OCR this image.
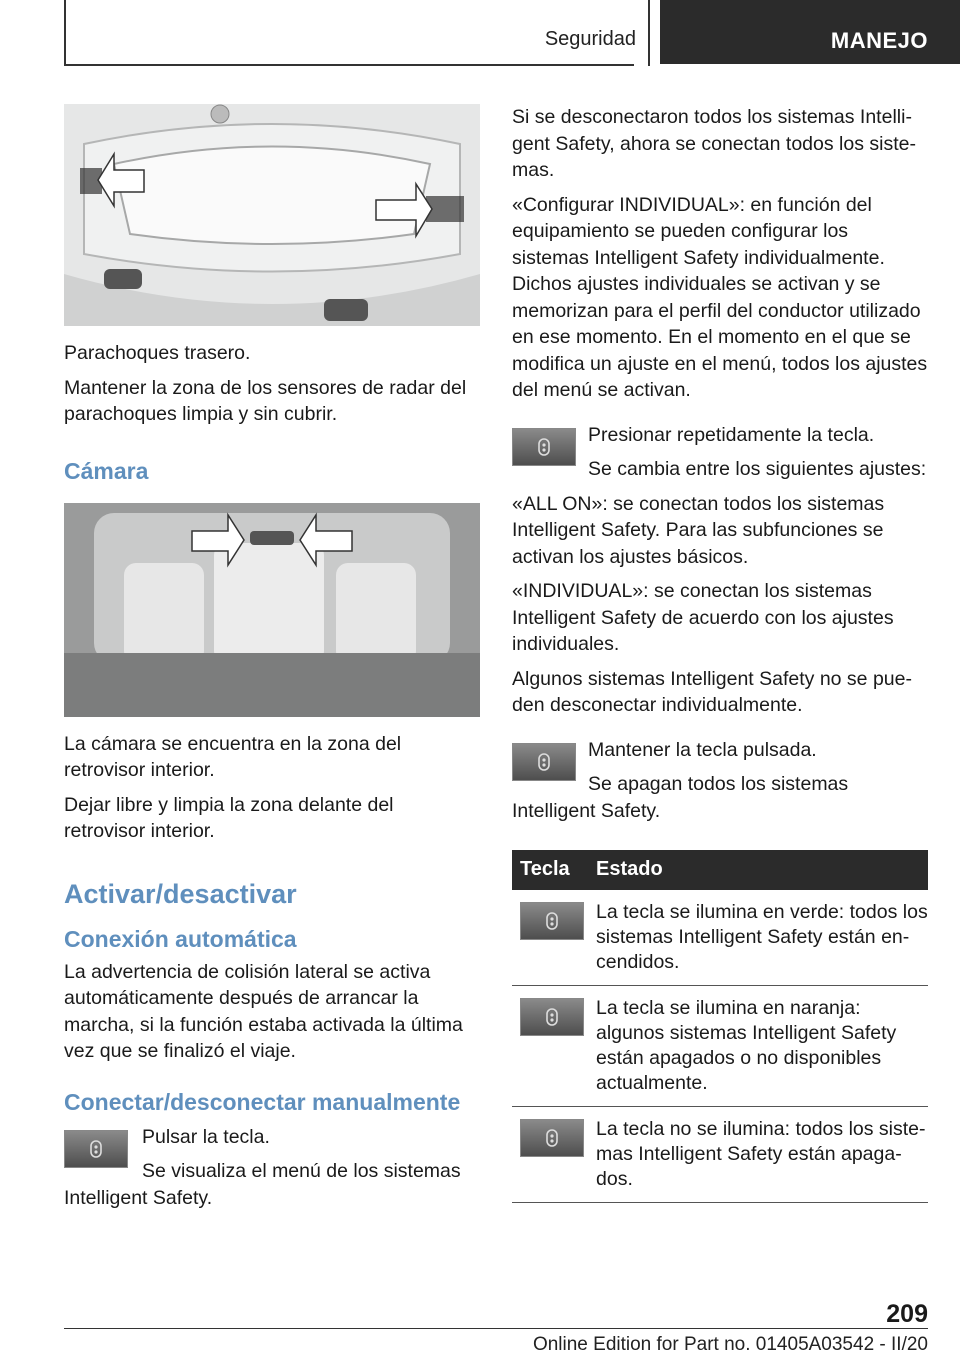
Seguridad	MANEJO

Parachoques trasero.

Mantener la zona de los sensores de radar del parachoques limpia y sin cubrir.

Cámara

La cámara se encuentra en la zona del retrovisor interior.

Dejar libre y limpia la zona delante del retrovisor interior.

Activar/desactivar
Conexión automática

La advertencia de colisión lateral se activa automáticamente después de arrancar la marcha, si la función estaba activada la última vez que se finalizó el viaje.

Conectar/desconectar manualmente

Pulsar la tecla.

Se visualiza el menú de los sistemas Intelligent Safety.

Si se desconectaron todos los sistemas Intelligent Safety, ahora se conectan todos los sistemas.

«Configurar INDIVIDUAL»: en función del equipamiento se pueden configurar los sistemas Intelligent Safety individualmente. Dichos ajustes individuales se activan y se memorizan para el perfil del conductor utilizado en ese momento. En el momento en el que se modifica un ajuste en el menú, todos los ajustes del menú se activan.

Presionar repetidamente la tecla.

Se cambia entre los siguientes ajustes:

«ALL ON»: se conectan todos los sistemas Intelligent Safety. Para las subfunciones se activan los ajustes básicos.

«INDIVIDUAL»: se conectan los sistemas Intelligent Safety de acuerdo con los ajustes individuales.

Algunos sistemas Intelligent Safety no se pueden desconectar individualmente.

Mantener la tecla pulsada.

Se apagan todos los sistemas Intelligent Safety.

Tecla Estado
La tecla se ilumina en verde: todos los sistemas Intelligent Safety están encendidos.
La tecla se ilumina en naranja: algunos sistemas Intelligent Safety están apagados o no disponibles actualmente.
La tecla no se ilumina: todos los sistemas Intelligent Safety están apagados.
209
Online Edition for Part no. 01405A03542 - II/20
